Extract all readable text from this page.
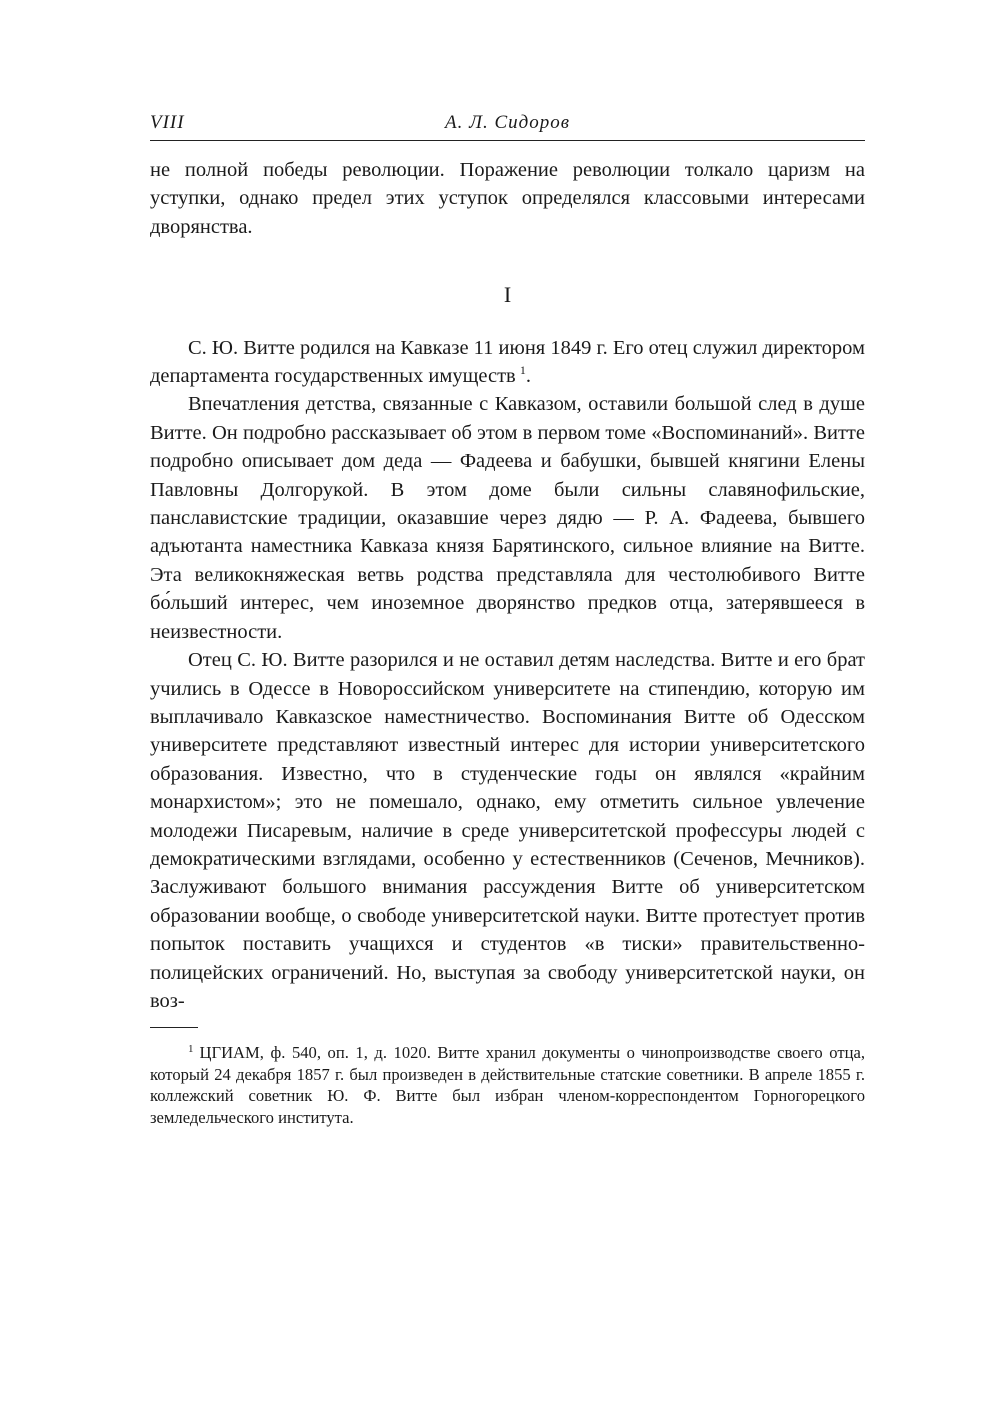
VIII	А. Л. Сидоров

не полной победы революции. Поражение революции толкало царизм на уступки, однако предел этих уступок определялся классовыми интересами дворянства.

I

С. Ю. Витте родился на Кавказе 11 июня 1849 г. Его отец служил директором департамента государственных имуществ  $^1$.

Впечатления детства, связанные с Кавказом, оставили большой след в душе Витте. Он подробно рассказывает об этом в первом томе «Воспоминаний». Витте подробно описывает дом деда — Фадеева и бабушки, бывшей княгини Елены Павловны Долгорукой. В этом доме были сильны славянофильские, панславистские традиции, оказавшие через дядю — Р. А. Фадеева, бывшего адъютанта наместника Кавказа князя Барятинского, сильное влияние на Витте. Эта великокняжеская ветвь родства представляла для честолюбивого Витте бо́льший интерес, чем иноземное дворянство предков отца, затерявшееся в неизвестности.

Отец С. Ю. Витте разорился и не оставил детям наследства. Витте и его брат учились в Одессе в Новороссийском университете на стипендию, которую им выплачивало Кавказское наместничество. Воспоминания Витте об Одесском университете представляют известный интерес для истории университетского образования. Известно, что в студенческие годы он являлся «крайним монархистом»; это не помешало, однако, ему отметить сильное увлечение молодежи Писаревым, наличие в среде университетской профессуры людей с демократическими взглядами, особенно у естественников (Сеченов, Мечников). Заслуживают большого внимания рассуждения Витте об университетском образовании вообще, о свободе университетской науки. Витте протестует против попыток поставить учащихся и студентов «в тиски» правительственно-полицейских ограничений. Но, выступая за свободу университетской науки, он воз-

$^1$ ЦГИАМ, ф. 540, оп. 1, д. 1020. Витте хранил документы о чинопроизводстве своего отца, который 24 декабря 1857 г. был произведен в действительные статские советники. В апреле 1855 г. коллежский советник Ю. Ф. Витте был избран членом-корреспондентом Горногорецкого земледельческого института.
